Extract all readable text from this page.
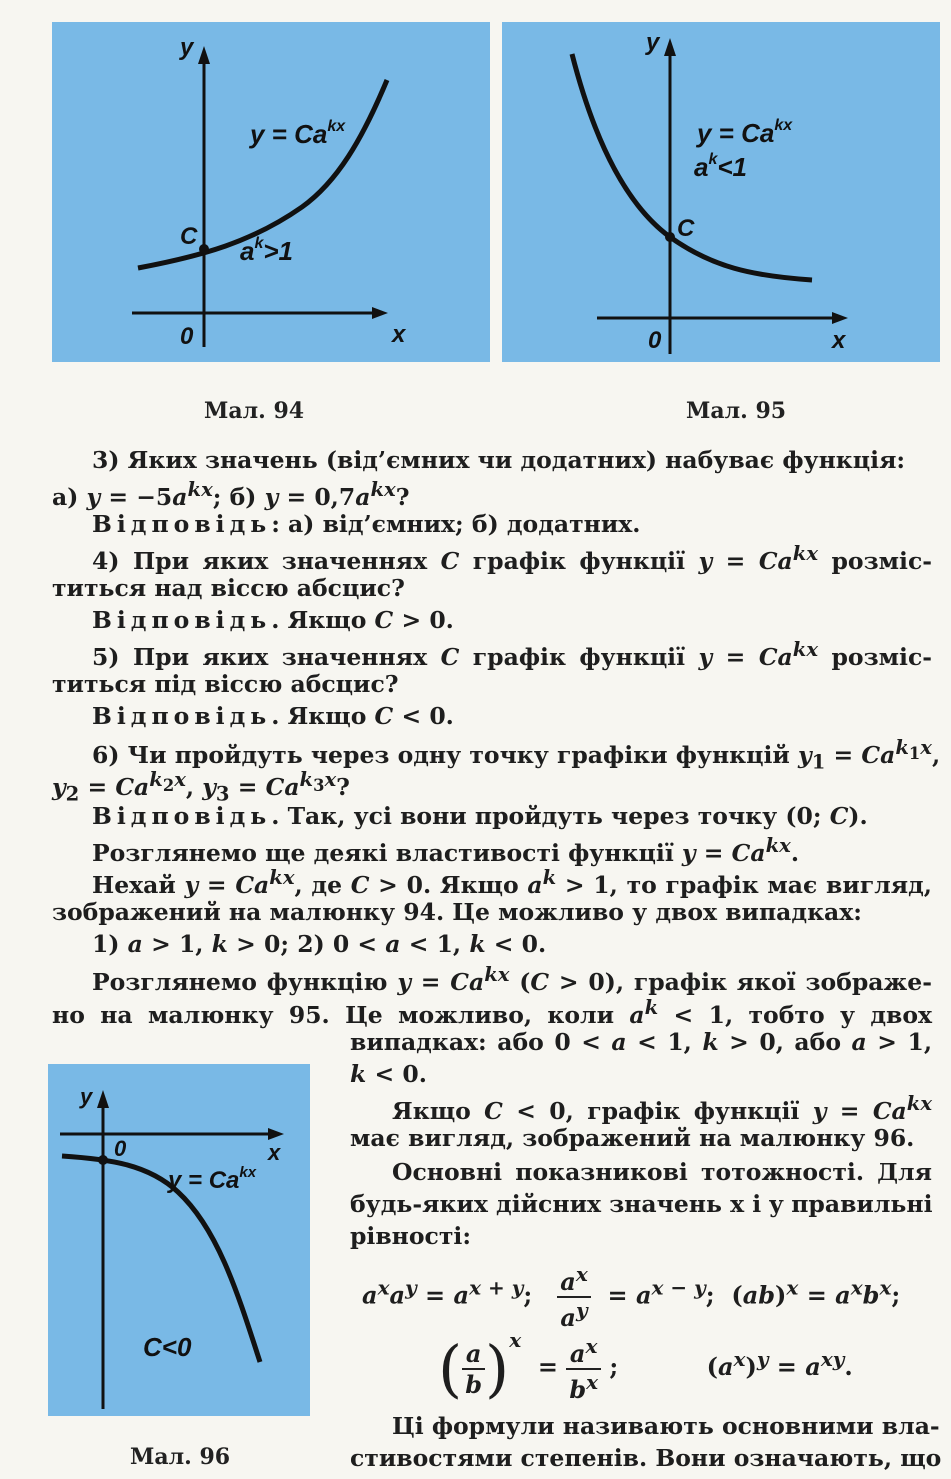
y
x
0
C
$y = Ca^{kx}$
$a^k>1$
Мал. 94
y
x
0
C
$y = Ca^{kx}$
$a^k<1$
Мал. 95
3) Яких значень (від’ємних чи додатних) набуває функція:
а) $y = -5a^{kx}$; б) $y = 0,7a^{kx}$?
Відповідь: а) від’ємних; б) додатних.
4) При яких значеннях C графік функції $y = Ca^{kx}$ розміс-
титься над віссю абсцис?
Відповідь. Якщо C > 0.
5) При яких значеннях C графік функції $y = Ca^{kx}$ розміс-
титься під віссю абсцис?
Відповідь. Якщо C < 0.
6) Чи пройдуть через одну точку графіки функцій $y_1 = Ca^{k_1x}$,
$y_2 = Ca^{k_2x}$, $y_3 = Ca^{k_3x}$?
Відповідь. Так, усі вони пройдуть через точку (0; C).
Розглянемо ще деякі властивості функції $y = Ca^{kx}$.
Нехай $y = Ca^{kx}$, де C > 0. Якщо $a^k > 1$, то графік має вигляд,
зображений на малюнку 94. Це можливо у двох випадках:
1) a > 1, k > 0; 2) 0 < a < 1, k < 0.
Розглянемо функцію $y = Ca^{kx}$ (C > 0), графік якої зображе-
но на малюнку 95. Це можливо, коли $a^k < 1$, тобто у двох
y
x
0
$y = Ca^{kx}$
C<0
Мал. 96
випадках: або 0 < a < 1, k > 0, або a > 1,
k < 0.
Якщо C < 0, графік функції $y = Ca^{kx}$
має вигляд, зображений на малюнку 96.
Основні показникові тотожності. Для
будь-яких дійсних значень x і y правильні
рівності:
$a^xa^y = a^{x + y}$; $\frac{a^x}{a^y} = a^{x - y}$;  $(ab)^x = a^xb^x$;
( $\frac{a}{b} )^x = \frac{a^x}{b^x}$ ;	$(a^x)^y = a^{xy}$.
Ці формули називають основними вла-
стивостями степенів. Вони означають, що
